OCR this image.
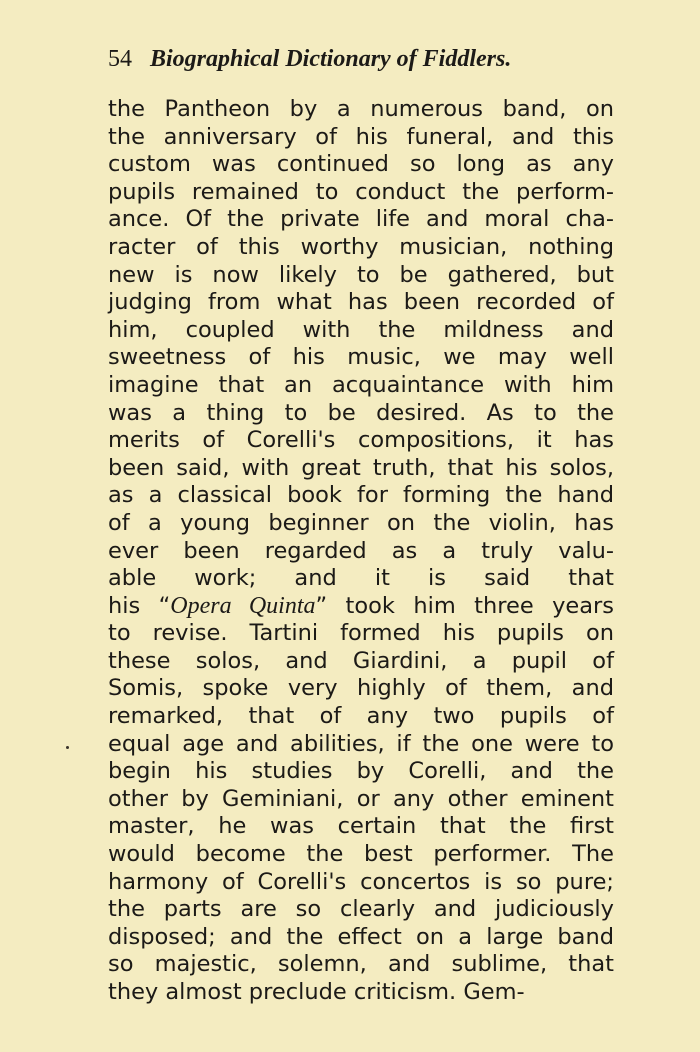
54 Biographical Dictionary of Fiddlers.
the Pantheon by a numerous band, on
the anniversary of his funeral, and this
custom was continued so long as any
pupils remained to conduct the perform-
ance. Of the private life and moral cha-
racter of this worthy musician, nothing
new is now likely to be gathered, but
judging from what has been recorded of
him, coupled with the mildness and
sweetness of his music, we may well
imagine that an acquaintance with him
was a thing to be desired. As to the
merits of Corelli's compositions, it has
been said, with great truth, that his solos,
as a classical book for forming the hand
of a young beginner on the violin, has
ever been regarded as a truly valu-
able work; and it is said that
his “Opera Quinta” took him three years
to revise. Tartini formed his pupils on
these solos, and Giardini, a pupil of
Somis, spoke very highly of them, and
remarked, that of any two pupils of
equal age and abilities, if the one were to
begin his studies by Corelli, and the
other by Geminiani, or any other eminent
master, he was certain that the first
would become the best performer. The
harmony of Corelli's concertos is so pure;
the parts are so clearly and judiciously
disposed; and the effect on a large band
so majestic, solemn, and sublime, that
they almost preclude criticism. Gem-
